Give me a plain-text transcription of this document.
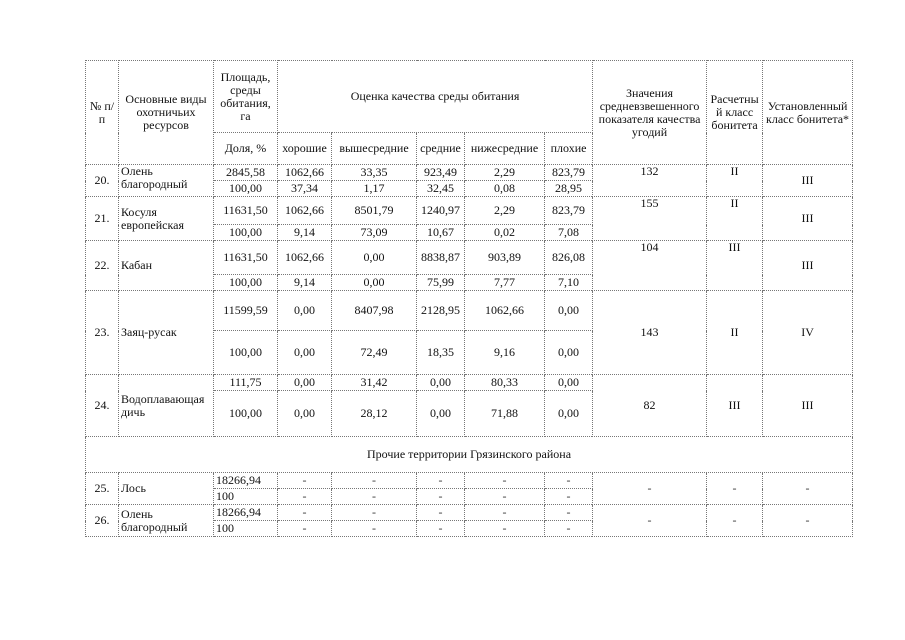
№ п/п	Основные виды охотничьих ресурсов	Площадь, среды обитания, га	Оценка качества среды обитания					Значения средневзвешенного показателя качества угодий	Расчетный класс бонитета	Установленный класс бонитета*
		Доля, %	хорошие	вышесредние	средние	нижесредние	плохие			
20.	Олень благородный	2845,58	1062,66	33,35	923,49	2,29	823,79	132	II	III
		100,00	37,34	1,17	32,45	0,08	28,95			
21.	Косуля европейская	11631,50	1062,66	8501,79	1240,97	2,29	823,79	155	II	III
		100,00	9,14	73,09	10,67	0,02	7,08			
22.	Кабан	11631,50	1062,66	0,00	8838,87	903,89	826,08	104	III	III
		100,00	9,14	0,00	75,99	7,77	7,10			
23.	Заяц-русак	11599,59	0,00	8407,98	2128,95	1062,66	0,00	143	II	IV
		100,00	0,00	72,49	18,35	9,16	0,00			
24.	Водоплавающая дичь	111,75	0,00	31,42	0,00	80,33	0,00	82	III	III
		100,00	0,00	28,12	0,00	71,88	0,00			
Прочие территории Грязинского района										
25.	Лось	18266,94	-	-	-	-	-	-	-	-
		100	-	-	-	-	-			
26.	Олень благородный	18266,94	-	-	-	-	-	-	-	-
		100	-	-	-	-	-			
